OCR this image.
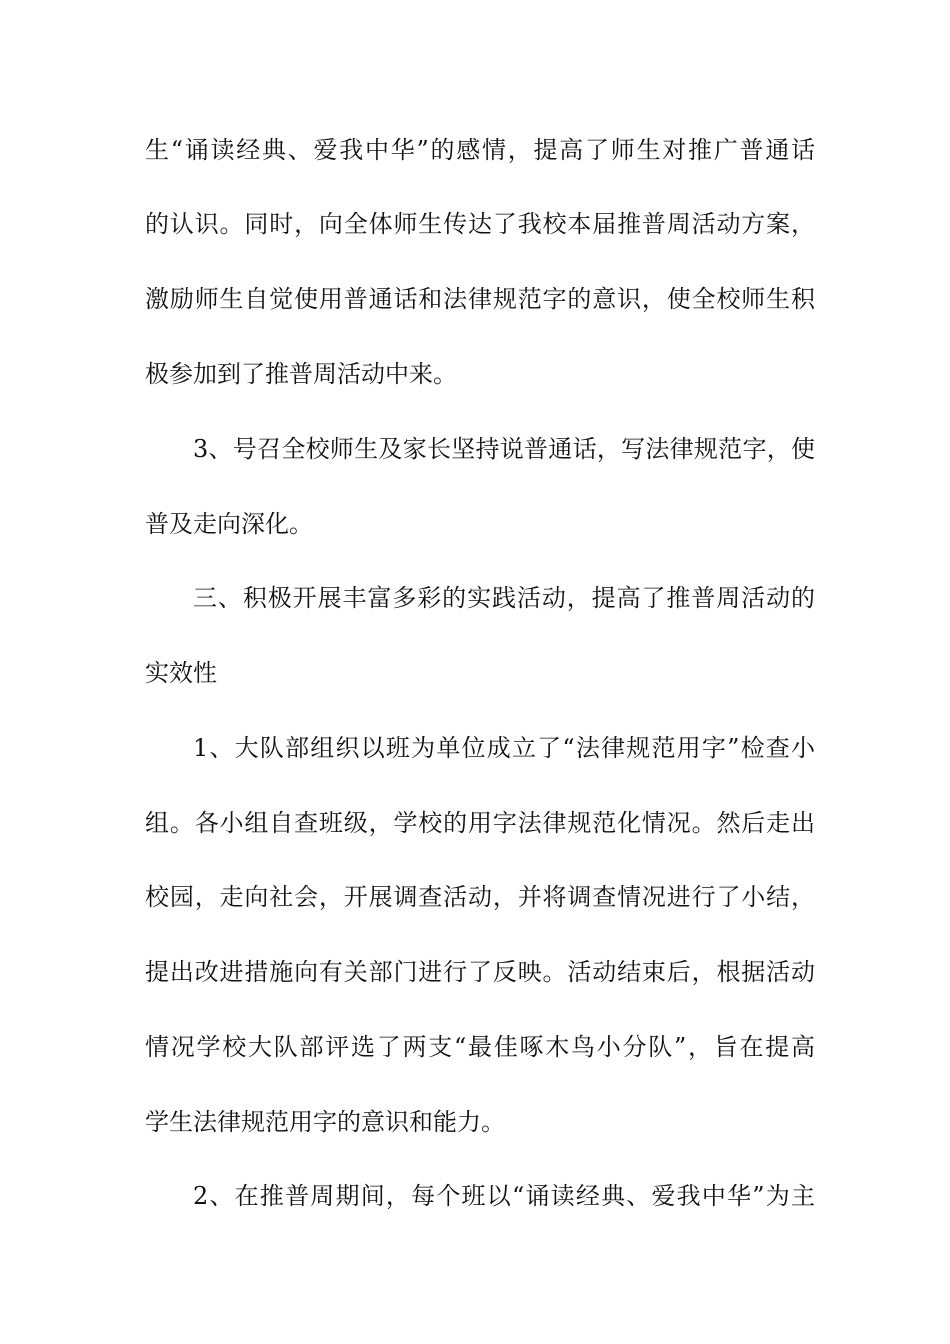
生“诵读经典、爱我中华”的感情，提高了师生对推广普通话
的认识。同时，向全体师生传达了我校本届推普周活动方案，
激励师生自觉使用普通话和法律规范字的意识，使全校师生积
极参加到了推普周活动中来。
3、号召全校师生及家长坚持说普通话，写法律规范字，使
普及走向深化。
三、积极开展丰富多彩的实践活动，提高了推普周活动的
实效性
1、大队部组织以班为单位成立了“法律规范用字”检查小
组。各小组自查班级，学校的用字法律规范化情况。然后走出
校园，走向社会，开展调查活动，并将调查情况进行了小结，
提出改进措施向有关部门进行了反映。活动结束后，根据活动
情况学校大队部评选了两支“最佳啄木鸟小分队”，旨在提高
学生法律规范用字的意识和能力。
2、在推普周期间，每个班以“诵读经典、爱我中华”为主
